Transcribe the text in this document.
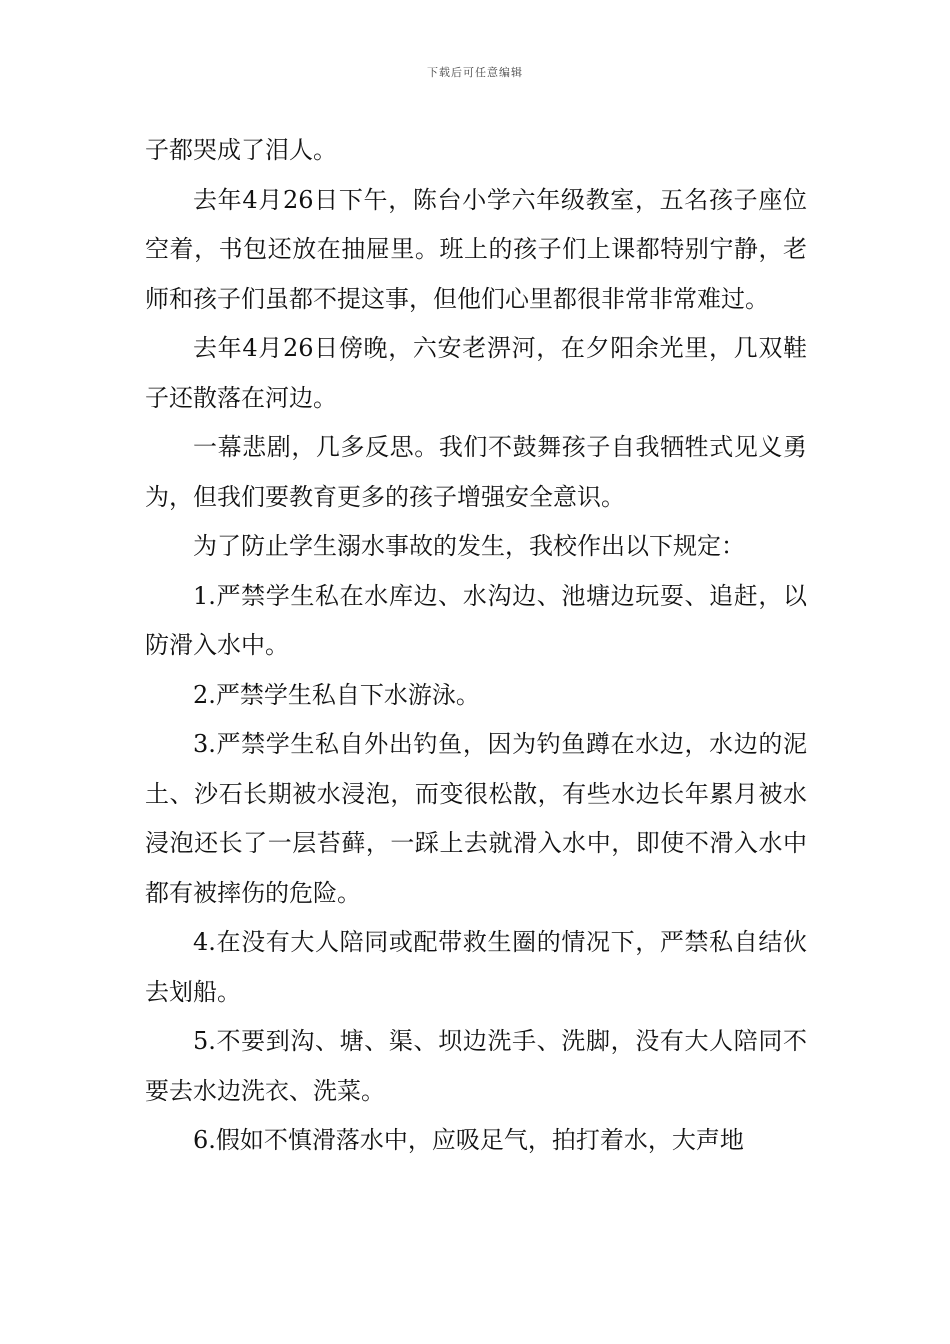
下载后可任意编辑

子都哭成了泪人。

去年4月26日下午，陈台小学六年级教室，五名孩子座位空着，书包还放在抽屉里。班上的孩子们上课都特别宁静，老师和孩子们虽都不提这事，但他们心里都很非常非常难过。

去年4月26日傍晚，六安老淠河，在夕阳余光里，几双鞋子还散落在河边。

一幕悲剧，几多反思。我们不鼓舞孩子自我牺牲式见义勇为，但我们要教育更多的孩子增强安全意识。

为了防止学生溺水事故的发生，我校作出以下规定：

1.严禁学生私在水库边、水沟边、池塘边玩耍、追赶，以防滑入水中。

2.严禁学生私自下水游泳。

3.严禁学生私自外出钓鱼，因为钓鱼蹲在水边，水边的泥土、沙石长期被水浸泡，而变很松散，有些水边长年累月被水浸泡还长了一层苔藓，一踩上去就滑入水中，即使不滑入水中都有被摔伤的危险。

4.在没有大人陪同或配带救生圈的情况下，严禁私自结伙去划船。

5.不要到沟、塘、渠、坝边洗手、洗脚，没有大人陪同不要去水边洗衣、洗菜。

6.假如不慎滑落水中，应吸足气，拍打着水，大声地
